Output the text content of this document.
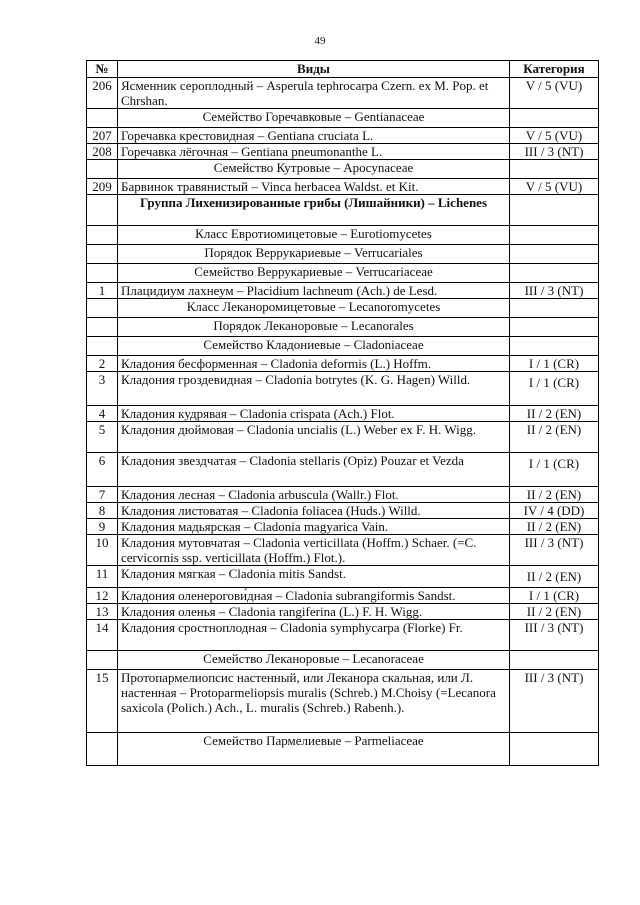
49
№	Виды	Категория
206	Ясменник сероплодный – Asperula tephrocarpa Czern. ex M. Pop. et Chrshan.	V / 5 (VU)
	Семейство Горечавковые – Gentianaceae	
207	Горечавка крестовидная – Gentiana cruciata L.	V / 5 (VU)
208	Горечавка лёгочная – Gentiana pneumonanthe L.	III / 3 (NT)
	Семейство Кутровые – Apocynaceae	
209	Барвинок травянистый – Vinca herbacea Waldst. et Kit.	V / 5 (VU)
	Группа Лихенизированные грибы (Лишайники) – Lichenes	
	Класс Евротиомицетовые – Eurotiomycetes	
	Порядок Веррукариевые – Verrucariales	
	Семейство Веррукариевые – Verrucariaceae	
1	Плацидиум лахнеум – Placidium lachneum (Ach.) de Lesd.	III / 3 (NT)
	Класс Леканоромицетовые – Lecanoromycetes	
	Порядок Леканоровые – Lecanorales	
	Семейство Кладониевые – Cladoniaceae	
2	Кладония бесформенная – Cladonia deformis (L.) Hoffm.	I / 1 (CR)
3	Кладония гроздевидная – Cladonia botrytes (K. G. Hagen) Willd.	I / 1 (CR)
4	Кладония кудрявая – Cladonia crispata (Ach.) Flot.	II / 2 (EN)
5	Кладония дюймовая – Cladonia uncialis (L.) Weber ex F. H. Wigg.	II / 2 (EN)
6	Кладония звездчатая – Cladonia stellaris (Opiz) Pouzar et Vezda	I / 1 (CR)
7	Кладония лесная – Cladonia arbuscula (Wallr.) Flot.	II / 2 (EN)
8	Кладония листоватая – Cladonia foliacea (Huds.) Willd.	IV / 4 (DD)
9	Кладония мадьярская – Cladonia magyarica Vain.	II / 2 (EN)
10	Кладония мутовчатая – Cladonia verticillata (Hoffm.) Schaer. (=C. cervicornis ssp. verticillata (Hoffm.) Flot.).	III / 3 (NT)
11	Кладония мягкая – Cladonia mitis Sandst.	II / 2 (EN)
12	Кладония оленерогови́дная – Cladonia subrangiformis Sandst.	I / 1 (CR)
13	Кладония оленья – Cladonia rangiferina (L.) F. H. Wigg.	II / 2 (EN)
14	Кладония сростноплодная – Cladonia symphycarpa (Florke) Fr.	III / 3 (NT)
	Семейство Леканоровые – Lecanoraceae	
15	Протопармелиопсис настенный, или Леканора скальная, или Л. настенная – Protoparmeliopsis muralis (Schreb.) M.Choisy (=Lecanora saxicola (Polich.) Ach., L. muralis (Schreb.) Rabenh.).	III / 3 (NT)
	Семейство Пармелиевые – Parmeliaceae	
